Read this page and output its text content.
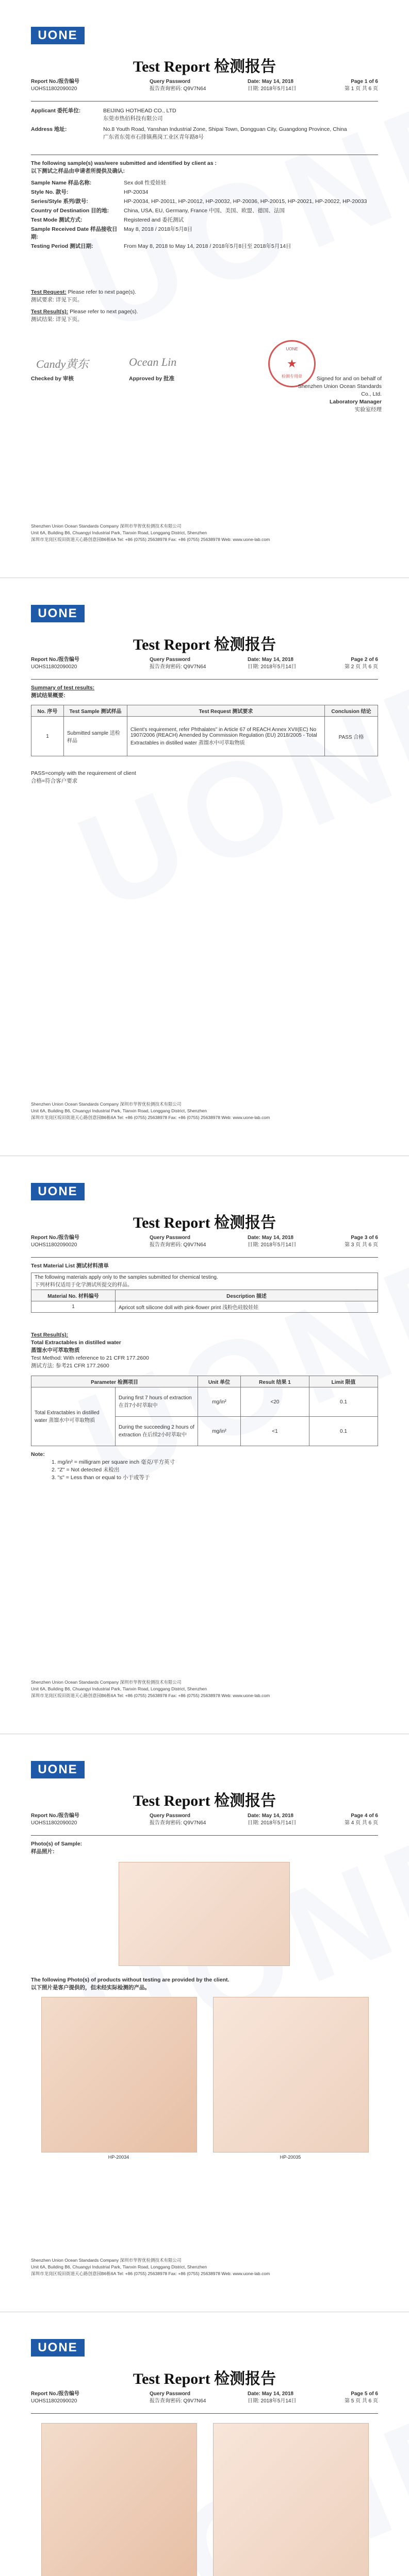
UONE
Test Report 检测报告
Report No./报告编号
UOHS11802090020
Query Password
报告查询密码: Q9V7N64
Date: May 14, 2018
日期: 2018年5月14日
Page 1 of 6
第 1 页 共 6 页
Applicant 委托单位:	BEIJING HOTHEAD CO., LTD
东莞市热佰科技有限公司
Address 地址:	No.8 Youth Road, Yanshan Industrial Zone, Shipai Town, Dongguan City, Guangdong Province, China
广东省东莞市石排镇燕岗工业区青年路8号
The following sample(s) was/were submitted and identified by client as :
以下测试之样品由申请者所提供及确认:
Sample Name 样品名称:	Sex doll 性爱娃娃
Style No. 款号:	HP-20034
Series/Style 系列/款号:	HP-20034, HP-20011, HP-20012, HP-20032, HP-20036, HP-20015, HP-20021, HP-20022, HP-20033
Country of Destination 目的地:	China, USA, EU, Germany, France 中国、美国、欧盟、德国、法国
Test Mode 测试方式:	Registered and 委托测试
Sample Received Date 样品接收日期:May 8, 2018 / 2018年5月8日
Testing Period 测试日期:	From May 8, 2018 to May 14, 2018 / 2018年5月8日至 2018年5月14日
Test Request: Please refer to next page(s).
测试要求: 详见下页。
Test Result(s): Please refer to next page(s).
测试结果: 详见下页。
Candy黄东	Ocean Lin
UONE
★
检测专用章
Checked by 审核	Approved by 批准	Signed for and on behalf of
Shenzhen Union Ocean Standards Co., Ltd.
Laboratory Manager
实验室经理
Shenzhen Union Ocean Standards Company 深圳市华智优检测技术有限公司
Unit 6A, Building B6, Chuangyi Industrial Park, Tianxin Road, Longgang District, Shenzhen
深圳市龙岗区坂田街道天心路创意园B6栋6A Tel: +86 (0755) 25638978 Fax: +86 (0755) 25638978 Web: www.uone-lab.com
UONE
Test Report 检测报告
Report No./报告编号
UOHS11802090020
Query Password
报告查询密码: Q9V7N64
Date: May 14, 2018
日期: 2018年5月14日
Page 2 of 6
第 2 页 共 6 页
Summary of test results:
测试结果概要:
No. 序号	Test Sample 测试样品	Test Request 测试要求	Conclusion 结论
1	Submitted sample 送检样品	Client's requirement, refer Phthalates" in Article 67 of REACH Annex XVII(EC) No 1907/2006 (REACH) Amended by Commission Regulation (EU) 2018/2005 - Total Extractables in distilled water 蒸馏水中可萃取物质	PASS 合格
PASS=comply with the requirement of client
合格=符合客户要求
Shenzhen Union Ocean Standards Company 深圳市华智优检测技术有限公司
Unit 6A, Building B6, Chuangyi Industrial Park, Tianxin Road, Longgang District, Shenzhen
深圳市龙岗区坂田街道天心路创意园B6栋6A Tel: +86 (0755) 25638978 Fax: +86 (0755) 25638978 Web: www.uone-lab.com
UONE
Test Report 检测报告
Report No./报告编号
UOHS11802090020
Query Password
报告查询密码: Q9V7N64
Date: May 14, 2018
日期: 2018年5月14日
Page 3 of 6
第 3 页 共 6 页
Test Material List 测试材料清单
The following materials apply only to the samples submitted for chemical testing.
下列材料仅适用于化学测试所提交的样品。	

Material No. 材料编号	Description 描述
1	Apricot soft silicone doll with pink-flower print 浅粉色硅胶娃娃
Test Result(s):
Total Extractables in distilled water
蒸馏水中可萃取物质
Test Method: With reference to 21 CFR 177.2600
测试方法: 参考21 CFR 177.2600
Parameter 检测项目		Unit 单位	Result 结果 1	Limit 限值
Total Extractables in distilled water 蒸馏水中可萃取物质	During first 7 hours of extraction 在首7小时萃取中	mg/in²	<20	0.1
	During the succeeding 2 hours of extraction 在后续2小时萃取中	mg/in²	<1	0.1
Note:
1. mg/in² = milligram per square inch 毫克/平方英寸
2. "Z" = Not detected 未检出
3. "≤" = Less than or equal to 小于或等于
Shenzhen Union Ocean Standards Company 深圳市华智优检测技术有限公司
Unit 6A, Building B6, Chuangyi Industrial Park, Tianxin Road, Longgang District, Shenzhen
深圳市龙岗区坂田街道天心路创意园B6栋6A Tel: +86 (0755) 25638978 Fax: +86 (0755) 25638978 Web: www.uone-lab.com
UONE
Test Report 检测报告
Report No./报告编号
UOHS11802090020
Query Password
报告查询密码: Q9V7N64
Date: May 14, 2018
日期: 2018年5月14日
Page 4 of 6
第 4 页 共 6 页
Photo(s) of Sample:
样品照片:
The following Photo(s) of products without testing are provided by the client.
以下照片是客户提供的，但未经实际检测的产品。
HP-20034	HP-20035
Shenzhen Union Ocean Standards Company 深圳市华智优检测技术有限公司
Unit 6A, Building B6, Chuangyi Industrial Park, Tianxin Road, Longgang District, Shenzhen
深圳市龙岗区坂田街道天心路创意园B6栋6A Tel: +86 (0755) 25638978 Fax: +86 (0755) 25638978 Web: www.uone-lab.com
UONE
Test Report 检测报告
Report No./报告编号
UOHS11802090020
Query Password
报告查询密码: Q9V7N64
Date: May 14, 2018
日期: 2018年5月14日
Page 5 of 6
第 5 页 共 6 页
